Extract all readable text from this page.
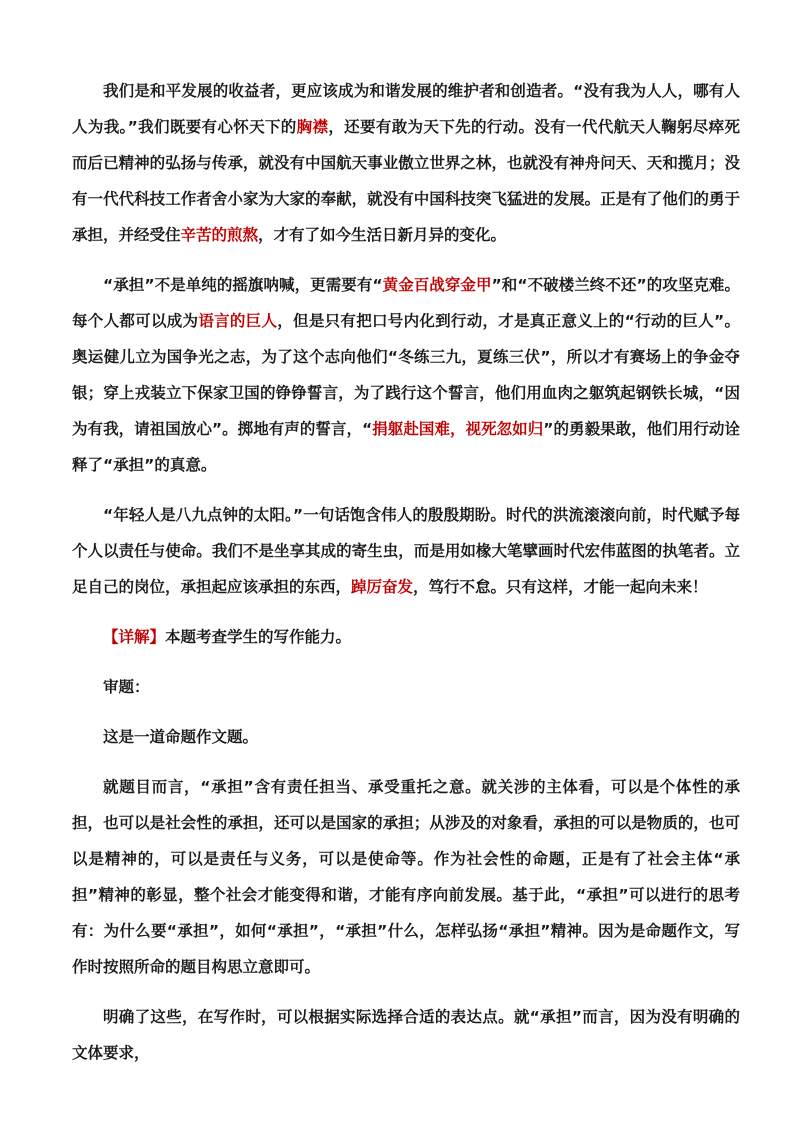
我们是和平发展的收益者，更应该成为和谐发展的维护者和创造者。“没有我为人人，哪有人人为我。”我们既要有心怀天下的胸襟，还要有敢为天下先的行动。没有一代代航天人鞠躬尽瘁死而后已精神的弘扬与传承，就没有中国航天事业傲立世界之林，也就没有神舟问天、天和揽月；没有一代代科技工作者舍小家为大家的奉献，就没有中国科技突飞猛进的发展。正是有了他们的勇于承担，并经受住辛苦的煎熬，才有了如今生活日新月异的变化。

“承担”不是单纯的摇旗呐喊，更需要有“黄金百战穿金甲”和“不破楼兰终不还”的攻坚克难。每个人都可以成为语言的巨人，但是只有把口号内化到行动，才是真正意义上的“行动的巨人”。奥运健儿立为国争光之志，为了这个志向他们“冬练三九，夏练三伏”，所以才有赛场上的争金夺银；穿上戎装立下保家卫国的铮铮誓言，为了践行这个誓言，他们用血肉之躯筑起钢铁长城，“因为有我，请祖国放心”。掷地有声的誓言，“捐躯赴国难，视死忽如归”的勇毅果敢，他们用行动诠释了“承担”的真意。

“年轻人是八九点钟的太阳。”一句话饱含伟人的殷殷期盼。时代的洪流滚滚向前，时代赋予每个人以责任与使命。我们不是坐享其成的寄生虫，而是用如椽大笔擘画时代宏伟蓝图的执笔者。立足自己的岗位，承担起应该承担的东西，踔厉奋发，笃行不怠。只有这样，才能一起向未来！

【详解】本题考查学生的写作能力。

审题：

这是一道命题作文题。

就题目而言，“承担”含有责任担当、承受重托之意。就关涉的主体看，可以是个体性的承担，也可以是社会性的承担，还可以是国家的承担；从涉及的对象看，承担的可以是物质的，也可以是精神的，可以是责任与义务，可以是使命等。作为社会性的命题，正是有了社会主体“承担”精神的彰显，整个社会才能变得和谐，才能有序向前发展。基于此，“承担”可以进行的思考有：为什么要“承担”，如何“承担”，“承担”什么，怎样弘扬“承担”精神。因为是命题作文，写作时按照所命的题目构思立意即可。

明确了这些，在写作时，可以根据实际选择合适的表达点。就“承担”而言，因为没有明确的文体要求，
